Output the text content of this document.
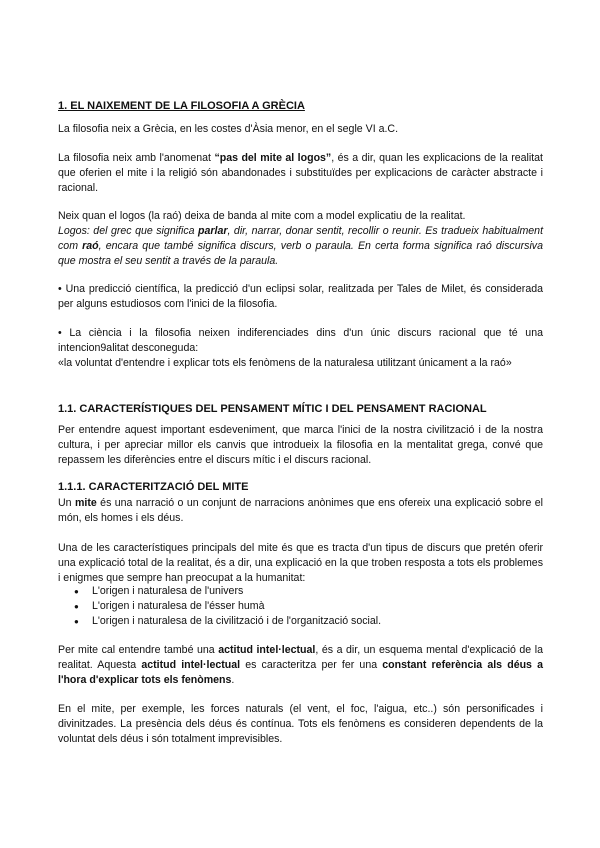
1. EL NAIXEMENT DE LA FILOSOFIA A GRÈCIA

La filosofia neix a Grècia, en les costes d'Àsia menor, en el segle VI a.C.

La filosofia neix amb l'anomenat “pas del mite al logos”, és a dir, quan les explicacions de la realitat que oferien el mite i la religió són abandonades i substituïdes per explicacions de caràcter abstracte i racional.

Neix quan el logos (la raó) deixa de banda al mite com a model explicatiu de la realitat.

Logos: del grec que significa parlar, dir, narrar, donar sentit, recollir o reunir. Es tradueix habitualment com raó, encara que també significa discurs, verb o paraula. En certa forma significa raó discursiva que mostra el seu sentit a través de la paraula.

• Una predicció científica, la predicció d'un eclipsi solar, realitzada per Tales de Milet, és considerada per alguns estudiosos com l'inici de la filosofia.

• La ciència i la filosofia neixen indiferenciades dins d'un únic discurs racional que té una intencion9alitat desconeguda:

«la voluntat d'entendre i explicar tots els fenòmens de la naturalesa utilitzant únicament a la raó»

1.1. CARACTERÍSTIQUES DEL PENSAMENT MÍTIC I DEL PENSAMENT RACIONAL

Per entendre aquest important esdeveniment, que marca l'inici de la nostra civilització i de la nostra cultura, i per apreciar millor els canvis que introdueix la filosofia en la mentalitat grega, convé que repassem les diferències entre el discurs mític i el discurs racional.

1.1.1. CARACTERITZACIÓ DEL MITE

Un mite és una narració o un conjunt de narracions anònimes que ens ofereix una explicació sobre el món, els homes i els déus.

Una de les característiques principals del mite és que es tracta d'un tipus de discurs que pretén oferir una explicació total de la realitat, és a dir, una explicació en la que troben resposta a tots els problemes i enigmes que sempre han preocupat a la humanitat:

● L'origen i naturalesa de l'univers
● L'origen i naturalesa de l'ésser humà
● L'origen i naturalesa de la civilització i de l'organització social.

Per mite cal entendre també una actitud intel·lectual, és a dir, un esquema mental d'explicació de la realitat. Aquesta actitud intel·lectual es caracteritza per fer una constant referència als déus a l'hora d'explicar tots els fenòmens.

En el mite, per exemple, les forces naturals (el vent, el foc, l'aigua, etc..) són personificades i divinitzades. La presència dels déus és contínua. Tots els fenòmens es consideren dependents de la voluntat dels déus i són totalment imprevisibles.
